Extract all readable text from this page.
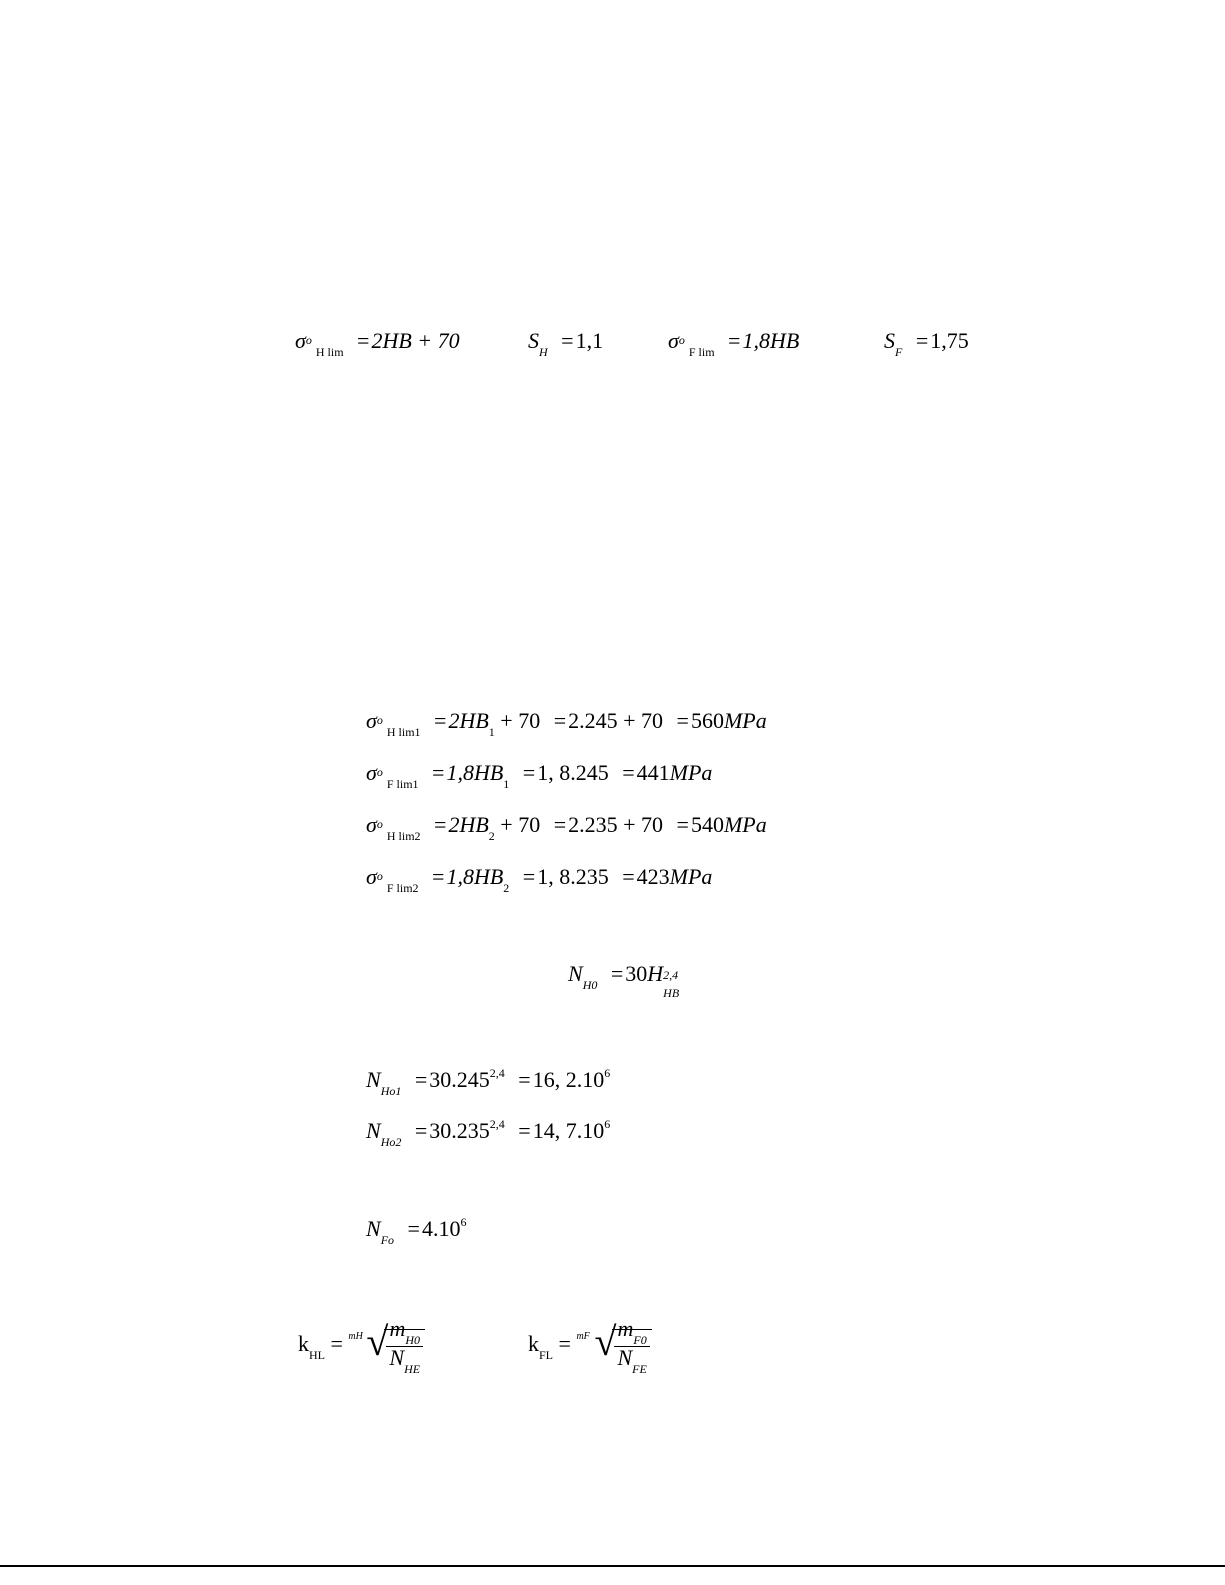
σ o
$_{H lim}$ =2HB + 70	$S_H =1,1$	σ o
$_{F lim}$ =1,8HB	$S_F =1,75$
σ o
$_{H lim1} =2HB_1 + 70 =2.245 + 70 =560MPa$
σ o
$_{F lim1} =1,8HB_1 =1$, 8.245 =441MPa
σ o
$_{H lim2} =2HB_2 + 70 =2.235 + 70 =540MPa$
σ o
$_{F lim2} =1,8HB_2 =1$, 8.235 =423MPa
$N_{H0} =30H$ 2,4
HB
$N_{Ho1} =30.245^{2,4} =16$, 2.10$^6$
$N_{Ho2} =30.235^{2,4} =14$, 7.10$^6$
$N_{Fo} =4.10^6$
$k_{HL}$ = mH √
$\frac{m_{H0}}{N_{HE}}$	$k_{FL}$ = mF √
$\frac{m_{F0}}{N_{FE}}$
